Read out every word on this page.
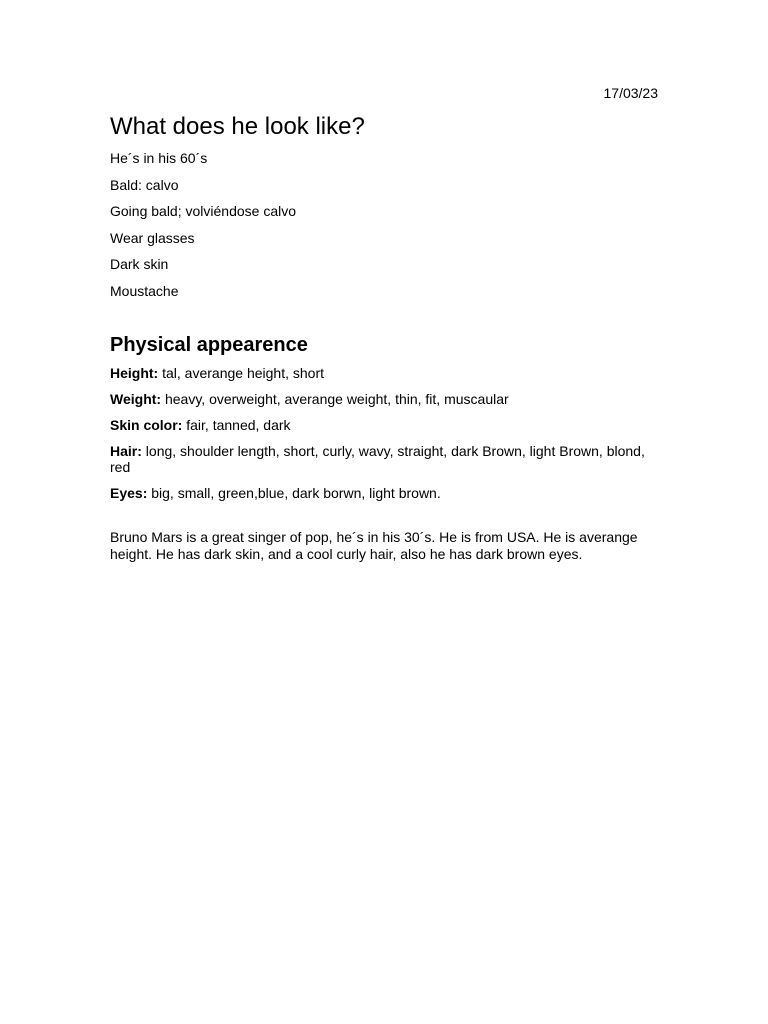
17/03/23
What does he look like?

He´s in his 60´s

Bald: calvo

Going bald; volviéndose calvo

Wear glasses

Dark skin

Moustache

Physical appearence

Height: tal, averange height, short

Weight: heavy, overweight, averange weight, thin, fit, muscaular

Skin color: fair, tanned, dark

Hair: long, shoulder length, short, curly, wavy, straight, dark Brown, light Brown, blond, red

Eyes: big, small, green,blue, dark borwn, light brown.

Bruno Mars is a great singer of pop, he´s in his 30´s. He is from USA. He is averange height. He has dark skin, and a cool curly hair, also he has dark brown eyes.
